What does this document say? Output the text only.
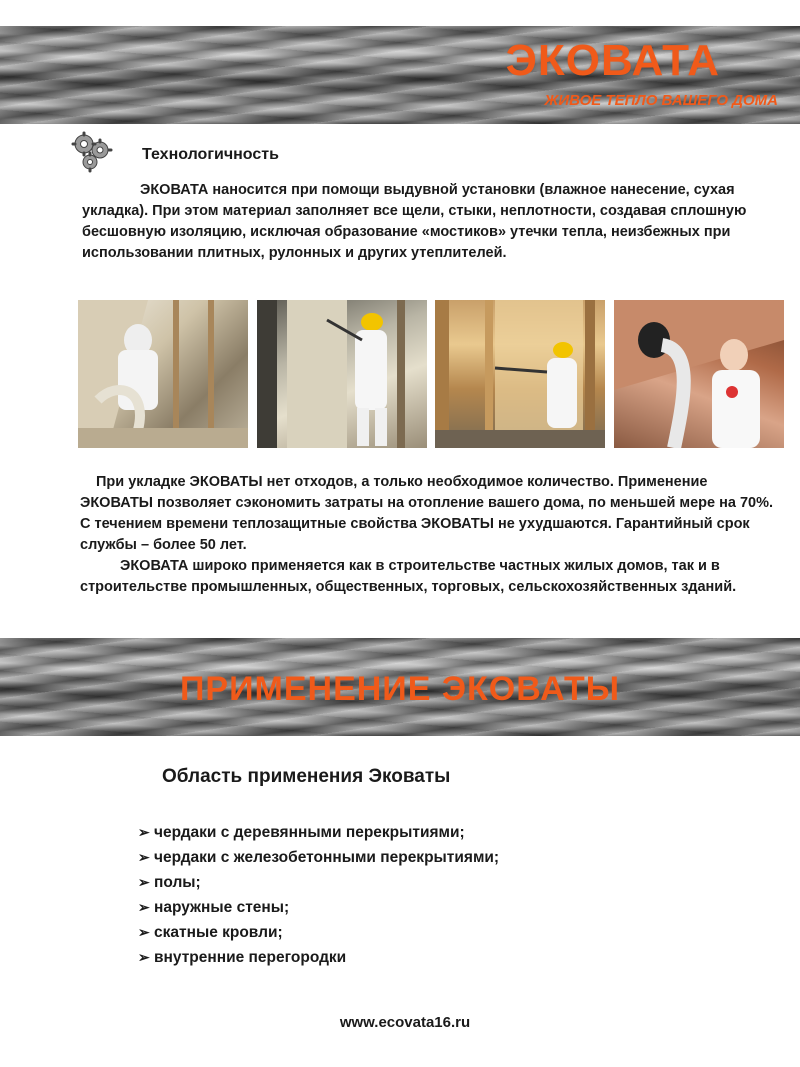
ЭКОВАТА
ЖИВОЕ ТЕПЛО ВАШЕГО ДОМА
Технологичность

ЭКОВАТА наносится при помощи выдувной установки (влажное нанесение, сухая укладка). При этом материал заполняет все щели, стыки, неплотности, создавая сплошную бесшовную изоляцию, исключая образование «мостиков» утечки тепла, неизбежных при использовании плитных, рулонных и других утеплителей.

При укладке ЭКОВАТЫ нет отходов, а только необходимое количество. Применение ЭКОВАТЫ позволяет сэкономить затраты на отопление вашего дома, по меньшей мере на 70%. С течением времени теплозащитные свойства ЭКОВАТЫ не ухудшаются. Гарантийный срок службы – более 50 лет.

ЭКОВАТА широко применяется как в строительстве частных жилых домов, так и в строительстве промышленных, общественных, торговых, сельскохозяйственных зданий.

ПРИМЕНЕНИЕ ЭКОВАТЫ
Область применения Эковаты
➢ чердаки с деревянными перекрытиями;
➢ чердаки с железобетонными перекрытиями;
➢ полы;
➢ наружные стены;
➢ скатные кровли;
➢ внутренние перегородки
www.ecovata16.ru
